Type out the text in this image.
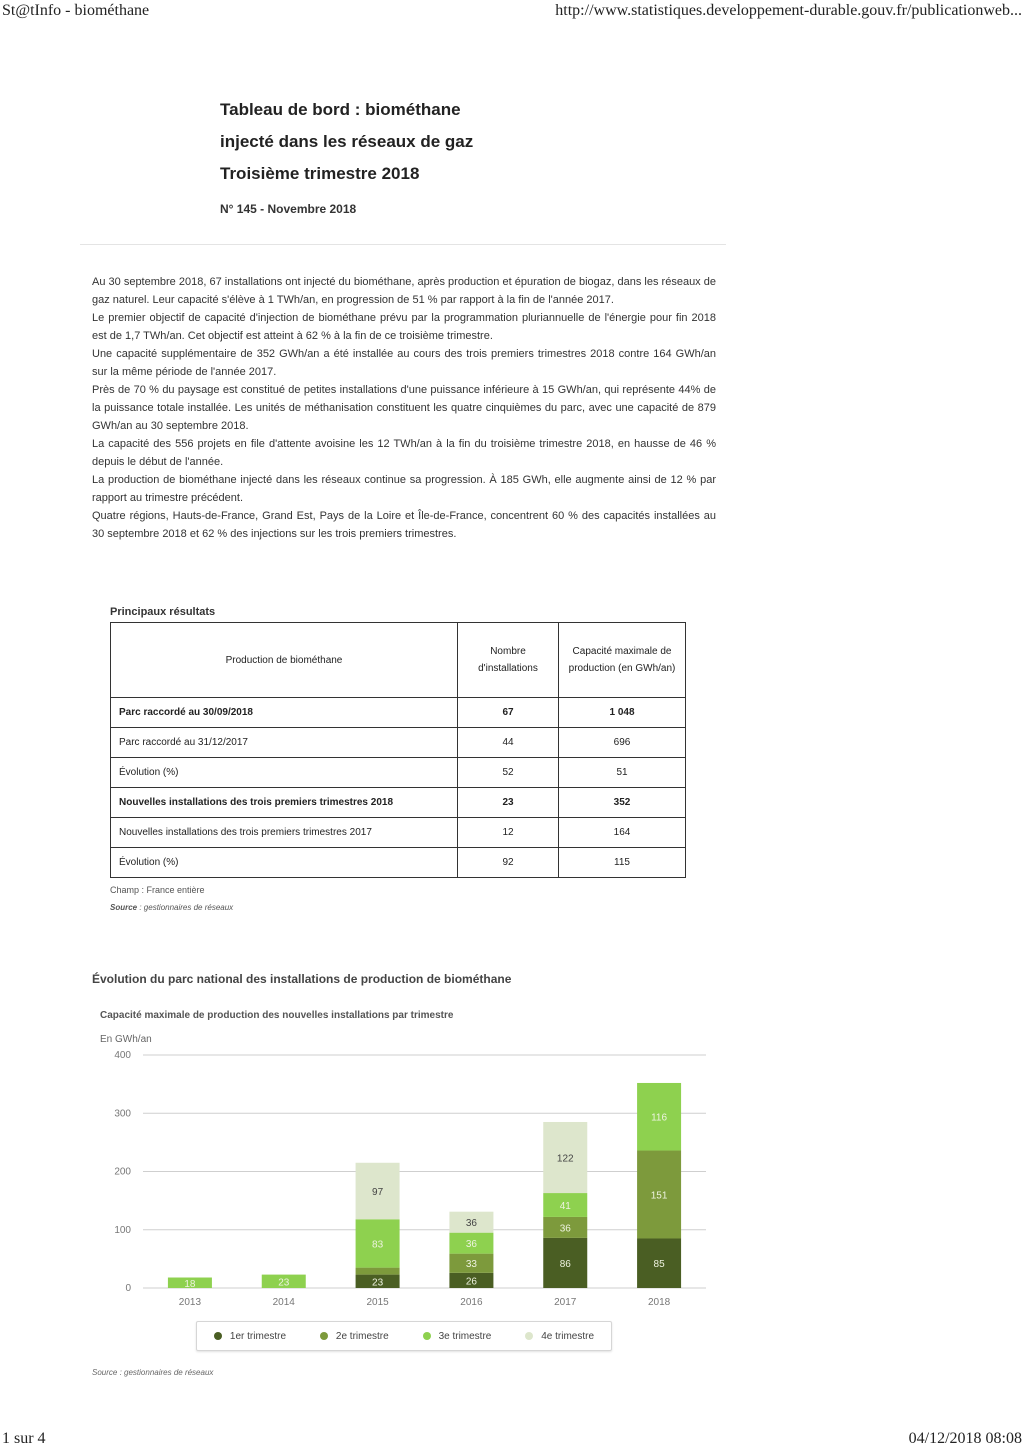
St@tInfo - biométhane	http://www.statistiques.developpement-durable.gouv.fr/publicationweb...
Tableau de bord : biométhane
injecté dans les réseaux de gaz
Troisième trimestre 2018
N° 145 - Novembre 2018

Au 30 septembre 2018, 67 installations ont injecté du biométhane, après production et épuration de biogaz, dans les réseaux de gaz naturel. Leur capacité s'élève à 1 TWh/an, en progression de 51 % par rapport à la fin de l'année 2017.

Le premier objectif de capacité d'injection de biométhane prévu par la programmation pluriannuelle de l'énergie pour fin 2018 est de 1,7 TWh/an. Cet objectif est atteint à 62 % à la fin de ce troisième trimestre.

Une capacité supplémentaire de 352 GWh/an a été installée au cours des trois premiers trimestres 2018 contre 164 GWh/an sur la même période de l'année 2017.

Près de 70 % du paysage est constitué de petites installations d'une puissance inférieure à 15 GWh/an, qui représente 44% de la puissance totale installée. Les unités de méthanisation constituent les quatre cinquièmes du parc, avec une capacité de 879 GWh/an au 30 septembre 2018.

La capacité des 556 projets en file d'attente avoisine les 12 TWh/an à la fin du troisième trimestre 2018, en hausse de 46 % depuis le début de l'année.

La production de biométhane injecté dans les réseaux continue sa progression. À 185 GWh, elle augmente ainsi de 12 % par rapport au trimestre précédent.

Quatre régions, Hauts-de-France, Grand Est, Pays de la Loire et Île-de-France, concentrent 60 % des capacités installées au 30 septembre 2018 et 62 % des injections sur les trois premiers trimestres.

Principaux résultats
Production de biométhane	Nombre d'installations	Capacité maximale de production (en GWh/an)
Parc raccordé au 30/09/2018	67	1 048
Parc raccordé au 31/12/2017	44	696
Évolution (%)	52	51
Nouvelles installations des trois premiers trimestres 2018	23	352
Nouvelles installations des trois premiers trimestres 2017	12	164
Évolution (%)	92	115
Champ : France entière
Source : gestionnaires de réseaux
Évolution du parc national des installations de production de biométhane
Capacité maximale de production des nouvelles installations par trimestre
En GWh/an
0
100
200
300
400
2013
18
2014
23
2015
23
83
97
2016
26
33
36
36
2017
86
36
41
122
2018
85
151
116
1er trimestre	2e trimestre	3e trimestre	4e trimestre
Source : gestionnaires de réseaux
1 sur 4	04/12/2018 08:08
